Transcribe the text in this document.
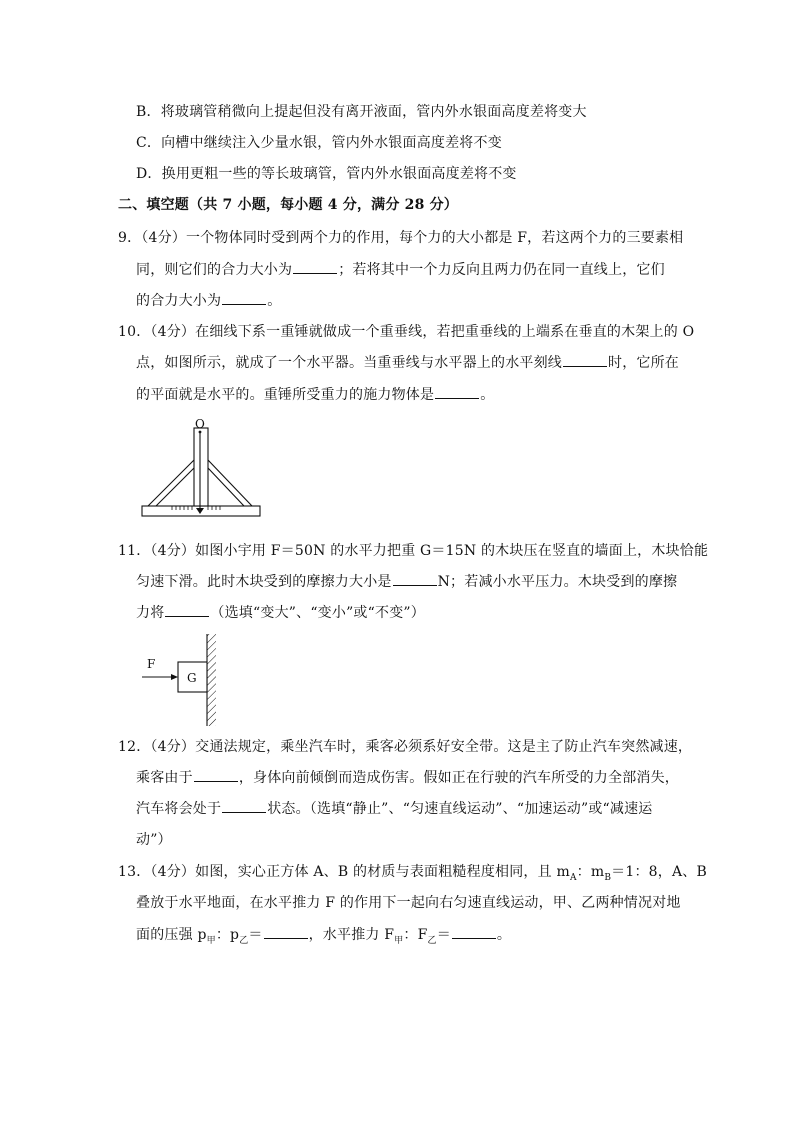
B．将玻璃管稍微向上提起但没有离开液面，管内外水银面高度差将变大
C．向槽中继续注入少量水银，管内外水银面高度差将不变
D．换用更粗一些的等长玻璃管，管内外水银面高度差将不变
二、填空题（共 7 小题，每小题 4 分，满分 28 分）
9．（4分）一个物体同时受到两个力的作用，每个力的大小都是 F，若这两个力的三要素相
同，则它们的合力大小为	；若将其中一个力反向且两力仍在同一直线上，它们
的合力大小为	。
10．（4分）在细线下系一重锤就做成一个重垂线，若把重垂线的上端系在垂直的木架上的 O
点，如图所示，就成了一个水平器。当重垂线与水平器上的水平刻线	时，它所在
的平面就是水平的。重锤所受重力的施力物体是	。
O
11．（4分）如图小宇用 F＝50N 的水平力把重 G＝15N 的木块压在竖直的墙面上，木块恰能
匀速下滑。此时木块受到的摩擦力大小是	N；若减小水平压力。木块受到的摩擦
力将	（选填“变大”、“变小”或“不变”）
G
F
12．（4分）交通法规定，乘坐汽车时，乘客必须系好安全带。这是主了防止汽车突然减速，
乘客由于	，身体向前倾倒而造成伤害。假如正在行驶的汽车所受的力全部消失，
汽车将会处于	状态。（选填“静止”、“匀速直线运动”、“加速运动”或“减速运
动”）
13．（4分）如图，实心正方体 A、B 的材质与表面粗糙程度相同，且 $m_A$：$m_B=1$：8，A、B
叠放于水平地面，在水平推力 F 的作用下一起向右匀速直线运动，甲、乙两种情况对地
面的压强 $p_甲$：$p_乙=$	，水平推力 $F_甲$：$F_乙=$	。
